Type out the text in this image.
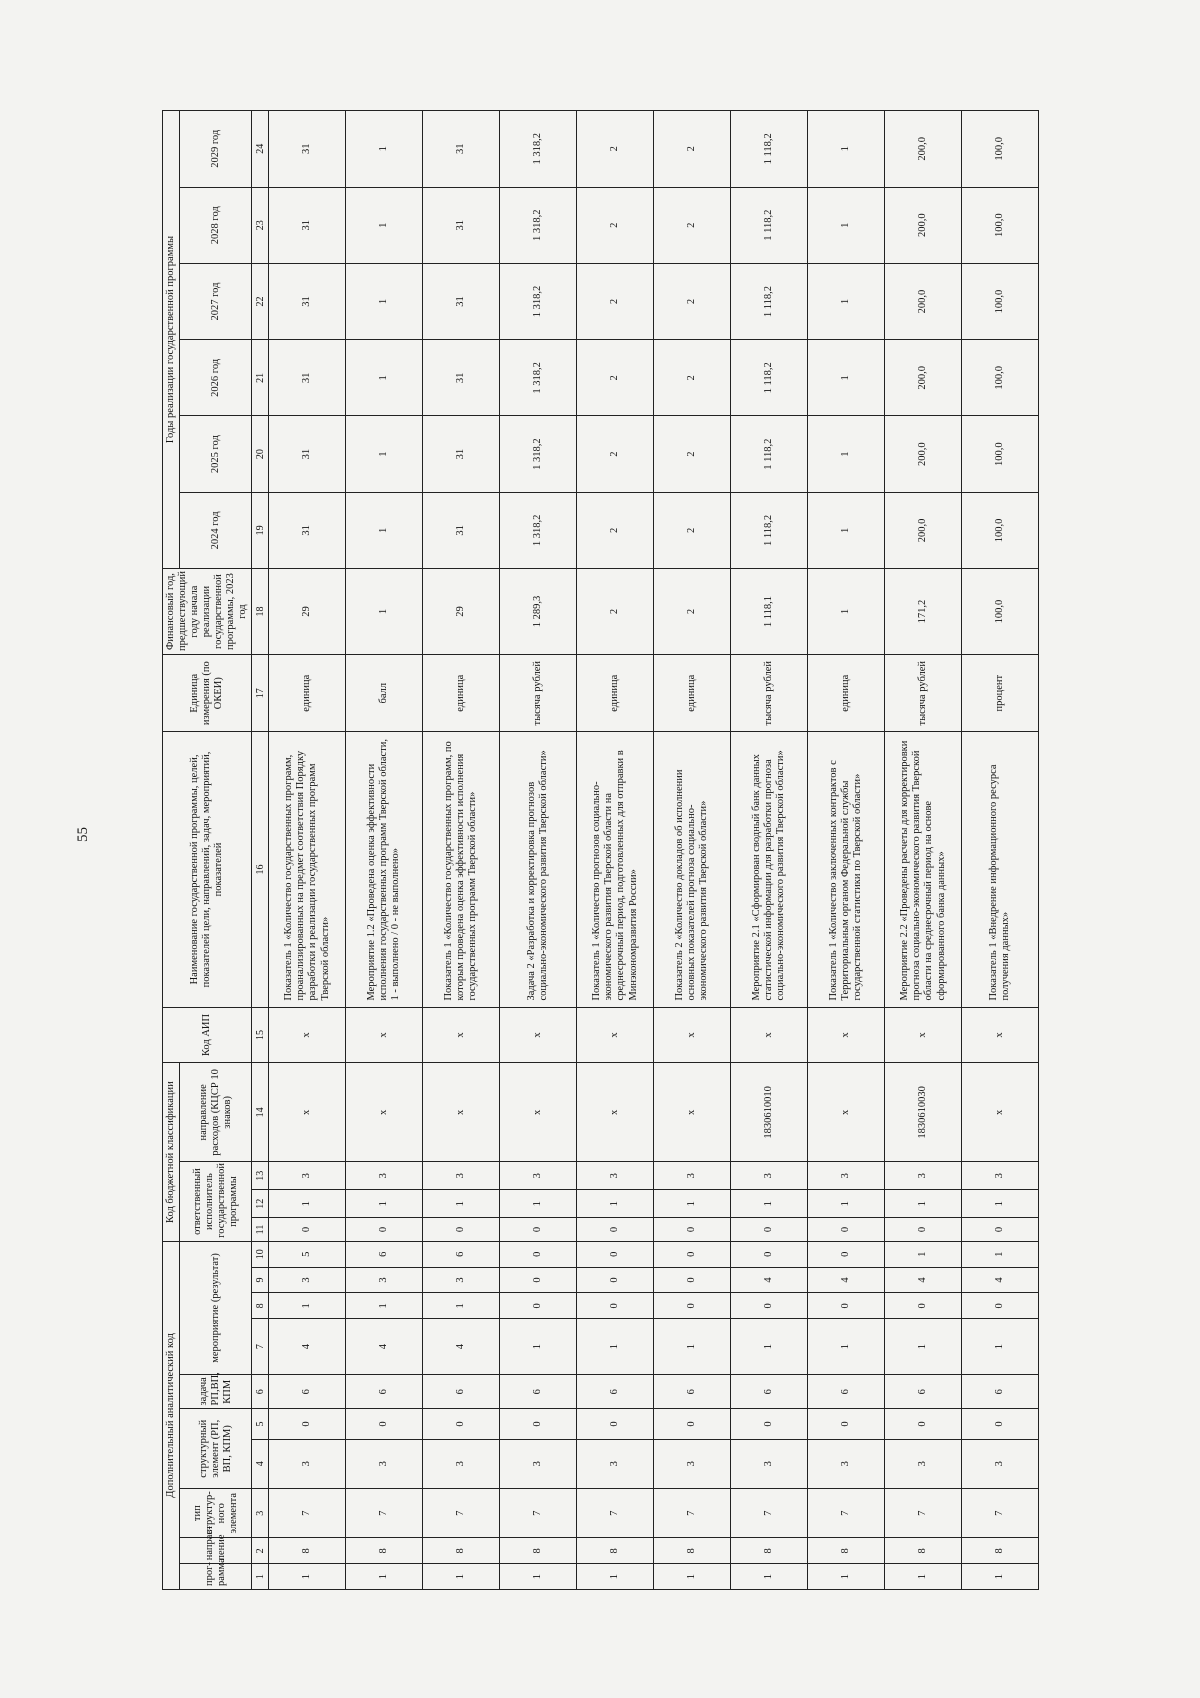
55
Дополнительный аналитический код										Код бюджетной классификации				Код АИП	Наименование государственной программы, целей, показателей цели, направлений, задач, мероприятий, показателей	Единица измерения (по ОКЕИ)	Финансовый год, предшествующий году начала реализации государственной программы, 2023 год	Годы реализации государственной программы					
прог-рамма	направ-ление	тип структур-ного элемента	структурный элемент (РП, ВП, КПМ)		задача РП,ВП, КПМ	мероприятие (результат)				ответственный исполнитель государственной программы			направление расходов (КЦСР 10 знаков)					2024 год	2025 год	2026 год	2027 год	2028 год	2029 год

1	2	3	4	5	6	7	8	9	10	11	12	13	14	15	16	17	18	19	20	21	22	23	24
1	8	7	3	0	6	4	1	3	5	0	1	3	x	x	Показатель 1 «Количество государственных программ, проанализированных на предмет соответствия Порядку разработки и реализации государственных программ Тверской области»	единица	29	31	31	31	31	31	31
1	8	7	3	0	6	4	1	3	6	0	1	3	x	x	Мероприятие 1.2 «Проведена оценка эффективности исполнения государственных программ Тверской области, 1 - выполнено / 0 - не выполнено»	балл	1	1	1	1	1	1	1
1	8	7	3	0	6	4	1	3	6	0	1	3	x	x	Показатель 1 «Количество государственных программ, по которым проведена оценка эффективности исполнения государственных программ Тверской области»	единица	29	31	31	31	31	31	31
1	8	7	3	0	6	1	0	0	0	0	1	3	x	x	Задача 2 «Разработка и корректировка прогнозов социально-экономического развития Тверской области»	тысяча рублей	1 289,3	1 318,2	1 318,2	1 318,2	1 318,2	1 318,2	1 318,2
1	8	7	3	0	6	1	0	0	0	0	1	3	x	x	Показатель 1 «Количество прогнозов социально-экономического развития Тверской области на среднесрочный период, подготовленных для отправки в Минэкономразвития России»	единица	2	2	2	2	2	2	2
1	8	7	3	0	6	1	0	0	0	0	1	3	x	x	Показатель 2 «Количество докладов об исполнении основных показателей прогноза социально-экономического развития Тверской области»	единица	2	2	2	2	2	2	2
1	8	7	3	0	6	1	0	4	0	0	1	3	1830610010	x	Мероприятие 2.1 «Сформирован сводный банк данных статистической информации для разработки прогноза социально-экономического развития Тверской области»	тысяча рублей	1 118,1	1 118,2	1 118,2	1 118,2	1 118,2	1 118,2	1 118,2
1	8	7	3	0	6	1	0	4	0	0	1	3	x	x	Показатель 1 «Количество заключенных контрактов с Территориальным органом Федеральной службы государственной статистики по Тверской области»	единица	1	1	1	1	1	1	1
1	8	7	3	0	6	1	0	4	1	0	1	3	1830610030	x	Мероприятие 2.2 «Проведены расчеты для корректировки прогноза социально-экономического развития Тверской области на среднесрочный период на основе сформированного банка данных»	тысяча рублей	171,2	200,0	200,0	200,0	200,0	200,0	200,0
1	8	7	3	0	6	1	0	4	1	0	1	3	x	x	Показатель 1 «Внедрение информационного ресурса получения данных»	процент	100,0	100,0	100,0	100,0	100,0	100,0	100,0
